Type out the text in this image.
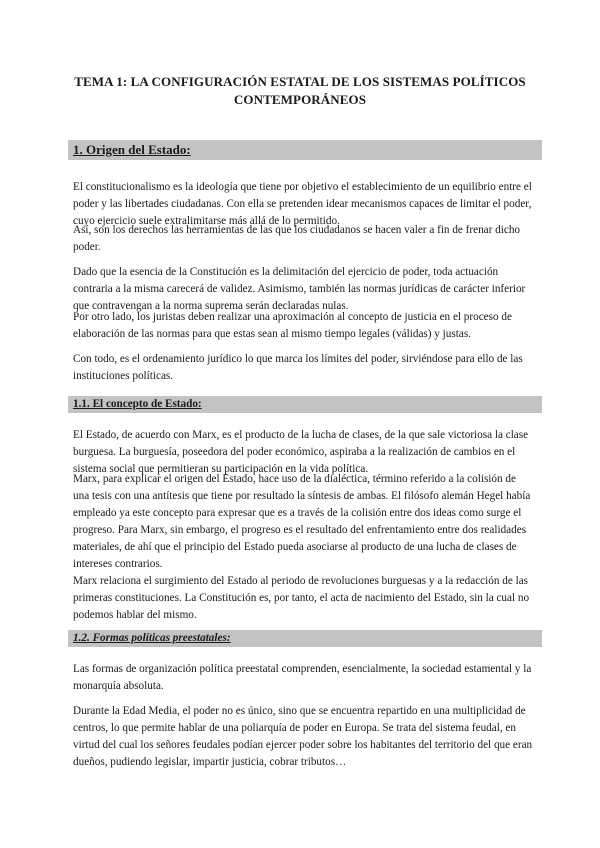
TEMA 1: LA CONFIGURACIÓN ESTATAL DE LOS SISTEMAS POLÍTICOS CONTEMPORÁNEOS
1. Origen del Estado:

El constitucionalismo es la ideología que tiene por objetivo el establecimiento de un equilibrio entre el poder y las libertades ciudadanas. Con ella se pretenden idear mecanismos capaces de limitar el poder, cuyo ejercicio suele extralimitarse más allá de lo permitido.

Así, son los derechos las herramientas de las que los ciudadanos se hacen valer a fin de frenar dicho poder.

Dado que la esencia de la Constitución es la delimitación del ejercicio de poder, toda actuación contraria a la misma carecerá de validez. Asimismo, también las normas jurídicas de carácter inferior que contravengan a la norma suprema serán declaradas nulas.

Por otro lado, los juristas deben realizar una aproximación al concepto de justicia en el proceso de elaboración de las normas para que estas sean al mismo tiempo legales (válidas) y justas.

Con todo, es el ordenamiento jurídico lo que marca los límites del poder, sirviéndose para ello de las instituciones políticas.

1.1. El concepto de Estado:

El Estado, de acuerdo con Marx, es el producto de la lucha de clases, de la que sale victoriosa la clase burguesa. La burguesía, poseedora del poder económico, aspiraba a la realización de cambios en el sistema social que permitieran su participación en la vida política.

Marx, para explicar el origen del Estado, hace uso de la dialéctica, término referido a la colisión de una tesis con una antítesis que tiene por resultado la síntesis de ambas. El filósofo alemán Hegel había empleado ya este concepto para expresar que es a través de la colisión entre dos ideas como surge el progreso. Para Marx, sin embargo, el progreso es el resultado del enfrentamiento entre dos realidades materiales, de ahí que el principio del Estado pueda asociarse al producto de una lucha de clases de intereses contrarios.

Marx relaciona el surgimiento del Estado al periodo de revoluciones burguesas y a la redacción de las primeras constituciones. La Constitución es, por tanto, el acta de nacimiento del Estado, sin la cual no podemos hablar del mismo.

1.2. Formas políticas preestatales:

Las formas de organización política preestatal comprenden, esencialmente, la sociedad estamental y la monarquía absoluta.

Durante la Edad Media, el poder no es único, sino que se encuentra repartido en una multiplicidad de centros, lo que permite hablar de una poliarquía de poder en Europa. Se trata del sistema feudal, en virtud del cual los señores feudales podían ejercer poder sobre los habitantes del territorio del que eran dueños, pudiendo legislar, impartir justicia, cobrar tributos…
